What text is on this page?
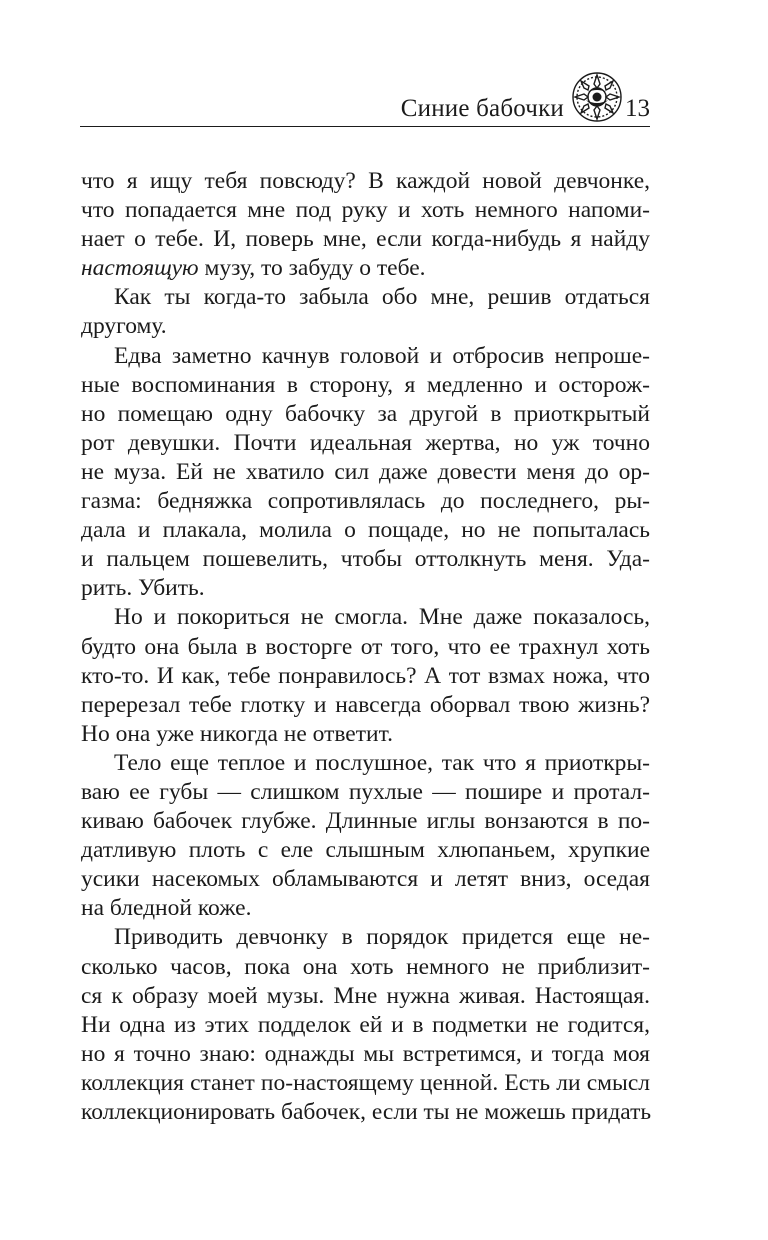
Синие бабочки 13

что я ищу тебя повсюду? В каждой новой девчонке,
что попадается мне под руку и хоть немного напоми-
нает о тебе. И, поверь мне, если когда-нибудь я найду
настоящую музу, то забуду о тебе.

Как ты когда-то забыла обо мне, решив отдаться
другому.

Едва заметно качнув головой и отбросив непроше-
ные воспоминания в сторону, я медленно и осторож-
но помещаю одну бабочку за другой в приоткрытый
рот девушки. Почти идеальная жертва, но уж точно
не муза. Ей не хватило сил даже довести меня до ор-
газма: бедняжка сопротивлялась до последнего, ры-
дала и плакала, молила о пощаде, но не попыталась
и пальцем пошевелить, чтобы оттолкнуть меня. Уда-
рить. Убить.

Но и покориться не смогла. Мне даже показалось,
будто она была в восторге от того, что ее трахнул хоть
кто-то. И как, тебе понравилось? А тот взмах ножа, что
перерезал тебе глотку и навсегда оборвал твою жизнь?
Но она уже никогда не ответит.

Тело еще теплое и послушное, так что я приоткры-
ваю ее губы — слишком пухлые — пошире и протал-
киваю бабочек глубже. Длинные иглы вонзаются в по-
датливую плоть с еле слышным хлюпаньем, хрупкие
усики насекомых обламываются и летят вниз, оседая
на бледной коже.

Приводить девчонку в порядок придется еще не-
сколько часов, пока она хоть немного не приблизит-
ся к образу моей музы. Мне нужна живая. Настоящая.
Ни одна из этих подделок ей и в подметки не годится,
но я точно знаю: однажды мы встретимся, и тогда моя
коллекция станет по-настоящему ценной. Есть ли смысл
коллекционировать бабочек, если ты не можешь придать
